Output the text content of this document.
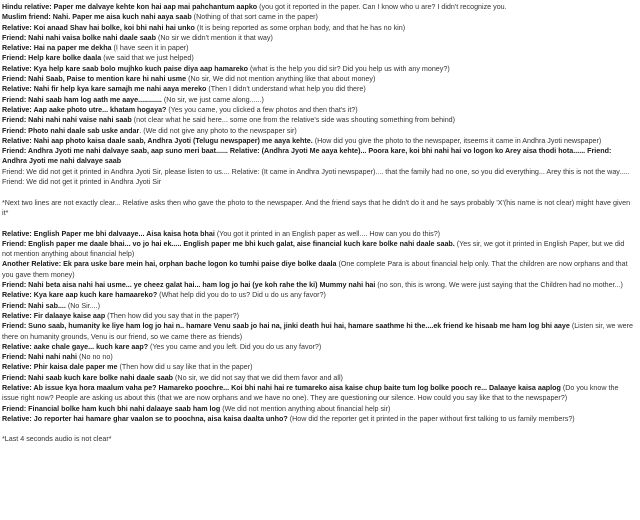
Hindu relative: Paper me dalvaye kehte kon hai aap mai pahchantum aapko (you got it reported in the paper. Can I know who u are? I didn't recognize you.

Muslim friend: Nahi. Paper me aisa kuch nahi aaya saab (Nothing of that sort came in the paper)

Relative: Koi anaad Shav hai bolke, koi bhi nahi hai unko (It is being reported as some orphan body, and that he has no kin)

Friend: Nahi nahi vaisa bolke nahi daale saab (No sir we didn't mention it that way)

Relative: Hai na paper me dekha (I have seen it in paper)

Friend: Help kare bolke daala (we said that we just helped)

Relative: Kya help kare saab bolo mujhko kuch paise diya aap hamareko (what is the help you did sir? Did you help us with any money?)

Friend: Nahi Saab, Paise to mention kare hi nahi usme (No sir, We did not mention anything like that about money)

Relative: Nahi fir help kya kare samajh me nahi aaya mereko (Then I didn't understand what help you did there)

Friend: Nahi saab ham log aath me aaye............ (No sir, we just came along......)

Relative: Aap aake photo utre... khatam hogaya? (Yes you came, you clicked a few photos and then that's it?)

Friend: Nahi nahi nahi vaise nahi saab (not clear what he said here... some one from the relative's side was shouting something from behind)

Friend: Photo nahi daale sab uske andar. (We did not give any photo to the newspaper sir)

Relative: Nahi aap photo kaisa daale saab, Andhra Jyoti (Telugu newspaper) me aaya kehte. (How did you give the photo to the newspaper, itseems it came in Andhra Jyoti newspaper)

Friend: Andhra Jyoti me nahi dalvaye saab, aap suno meri baat...... Relative: (Andhra Jyoti Me aaya kehte)... Poora kare, koi bhi nahi hai vo logon ko Arey aisa thodi hota...... Friend: Andhra Jyoti me nahi dalvaye saab

Friend: We did not get it printed in Andhra Jyoti Sir, please listen to us.... Relative: (It came in Andhra Jyoti newspaper).... that the family had no one, so you did everything... Arey this is not the way..... Friend: We did not get it printed in Andhra Jyoti Sir

*Next two lines are not exactly clear... Relative asks then who gave the photo to the newspaper. And the friend says that he didn't do it and he says probably 'X'(his name is not clear) might have given it*

Relative: English Paper me bhi dalvaaye... Aisa kaisa hota bhai (You got it printed in an English paper as well.... How can you do this?)

Friend: English paper me daale bhai... vo jo hai ek..... English paper me bhi kuch galat, aise financial kuch kare bolke nahi daale saab. (Yes sir, we got it printed in English Paper, but we did not mention anything about financial help)

Another Relative: Ek para uske bare mein hai, orphan bache logon ko tumhi paise diye bolke daala (One complete Para is about financial help only. That the children are now orphans and that you gave them money)

Friend: Nahi beta aisa nahi hai usme... ye cheez galat hai... ham log jo hai (ye koh rahe the ki) Mummy nahi hai (no son, this is wrong. We were just saying that the Children had no mother...)

Relative: Kya kare aap kuch kare hamaareko? (What help did you do to us? Did u do us any favor?)

Friend: Nahi sab.... (No Sir....)

Relative: Fir dalaaye kaise aap (Then how did you say that in the paper?)

Friend: Suno saab, humanity ke liye ham log jo hai n.. hamare Venu saab jo hai na, jinki death hui hai, hamare saathme hi the....ek friend ke hisaab me ham log bhi aaye (Listen sir, we were there on humanity grounds, Venu is our friend, so we came there as friends)

Relative: aake chale gaye... kuch kare aap? (Yes you came and you left. Did you do us any favor?)

Friend: Nahi nahi nahi (No no no)

Relative: Phir kaisa dale paper me (Then how did u say like that in the paper)

Friend: Nahi saab kuch kare bolke nahi daale saab (No sir, we did not say that we did them favor and all)

Relative: Ab issue kya hora maalum vaha pe? Hamareko poochre... Koi bhi nahi hai re tumareko aisa kaise chup baite tum log bolke pooch re... Dalaaye kaisa aaplog (Do you know the issue right now? People are asking us about this (that we are now orphans and we have no one). They are questioning our silence. How could you say like that to the newspaper?)

Friend: Financial bolke ham kuch bhi nahi dalaaye saab ham log (We did not mention anything about financial help sir)

Relative: Jo reporter hai hamare ghar vaalon se to poochna, aisa kaisa daalta unho? (How did the reporter get it printed in the paper without first talking to us family members?)

*Last 4 seconds audio is not clear*
